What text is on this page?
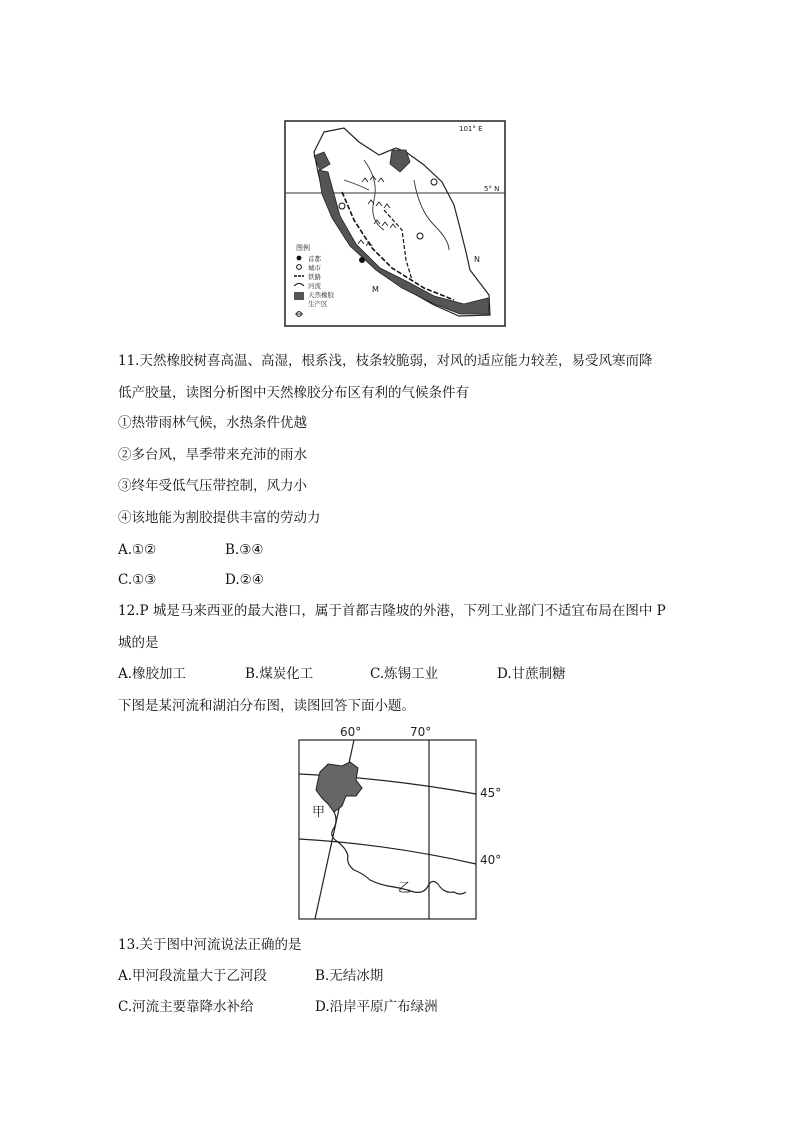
101° E
5° N
N
M
图例
首都
城市
铁路
河流
天然橡胶
生产区
11.天然橡胶树喜高温、高湿，根系浅，枝条较脆弱，对风的适应能力较差，易受风寒而降
低产胶量，读图分析图中天然橡胶分布区有利的气候条件有
①热带雨林气候，水热条件优越
②多台风，旱季带来充沛的雨水
③终年受低气压带控制，风力小
④该地能为割胶提供丰富的劳动力
A.①②	B.③④
C.①③	D.②④
12.P 城是马来西亚的最大港口，属于首都吉隆坡的外港，下列工业部门不适宜布局在图中 P
城的是
A.橡胶加工	B.煤炭化工	C.炼锡工业	D.甘蔗制糖
下图是某河流和湖泊分布图，读图回答下面小题。
60°	70°
45°
40°
甲
乙
13.关于图中河流说法正确的是
A.甲河段流量大于乙河段	B.无结冰期
C.河流主要靠降水补给	D.沿岸平原广布绿洲
